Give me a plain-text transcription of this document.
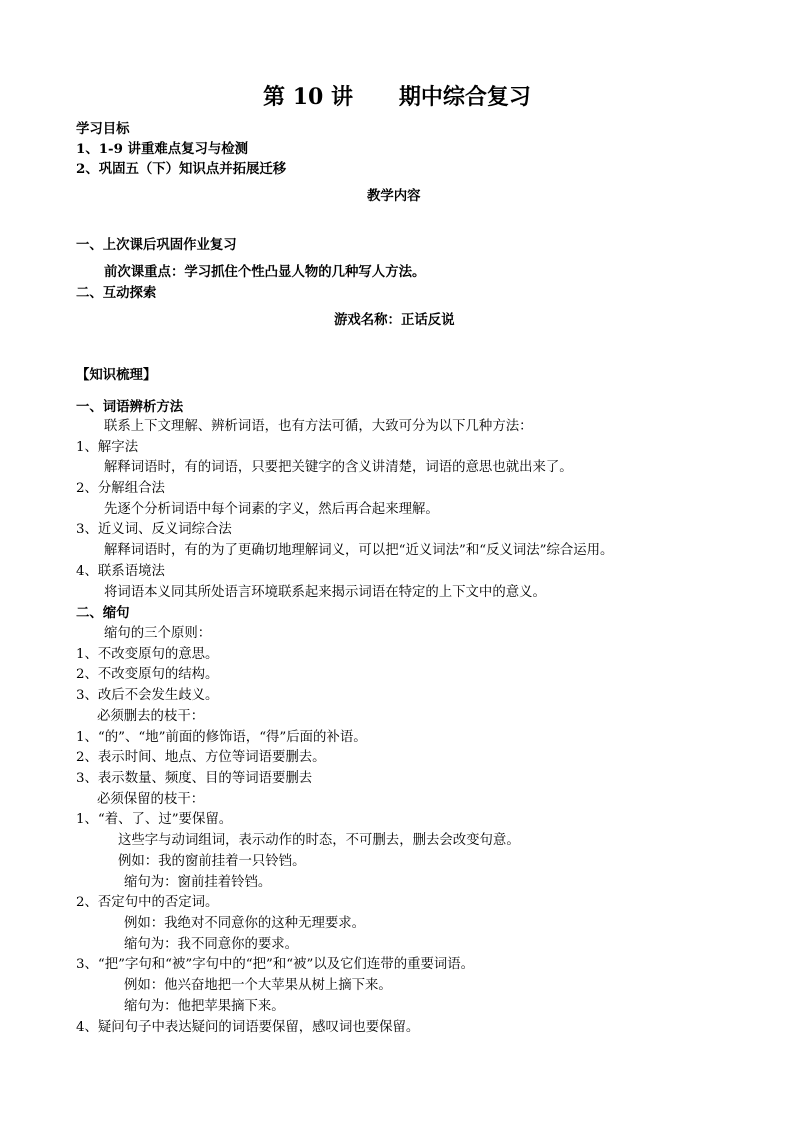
第 10 讲      期中综合复习
学习目标
1、1-9 讲重难点复习与检测
2、巩固五（下）知识点并拓展迁移
教学内容
一、上次课后巩固作业复习
前次课重点：学习抓住个性凸显人物的几种写人方法。
二、互动探索
游戏名称：正话反说
【知识梳理】
一、词语辨析方法
联系上下文理解、辨析词语，也有方法可循，大致可分为以下几种方法：
1、解字法
解释词语时，有的词语，只要把关键字的含义讲清楚，词语的意思也就出来了。
2、分解组合法
先逐个分析词语中每个词素的字义，然后再合起来理解。
3、近义词、反义词综合法
解释词语时，有的为了更确切地理解词义，可以把“近义词法”和“反义词法”综合运用。
4、联系语境法
将词语本义同其所处语言环境联系起来揭示词语在特定的上下文中的意义。
二、缩句
缩句的三个原则：
1、不改变原句的意思。
2、不改变原句的结构。
3、改后不会发生歧义。
必须删去的枝干：
1、“的”、“地”前面的修饰语，“得”后面的补语。
2、表示时间、地点、方位等词语要删去。
3、表示数量、频度、目的等词语要删去
必须保留的枝干：
1、“着、了、过”要保留。
这些字与动词组词，表示动作的时态，不可删去，删去会改变句意。
例如：我的窗前挂着一只铃铛。
缩句为：窗前挂着铃铛。
2、否定句中的否定词。
例如：我绝对不同意你的这种无理要求。
缩句为：我不同意你的要求。
3、“把”字句和“被”字句中的“把”和“被”以及它们连带的重要词语。
例如：他兴奋地把一个大苹果从树上摘下来。
缩句为：他把苹果摘下来。
4、疑问句子中表达疑问的词语要保留，感叹词也要保留。
